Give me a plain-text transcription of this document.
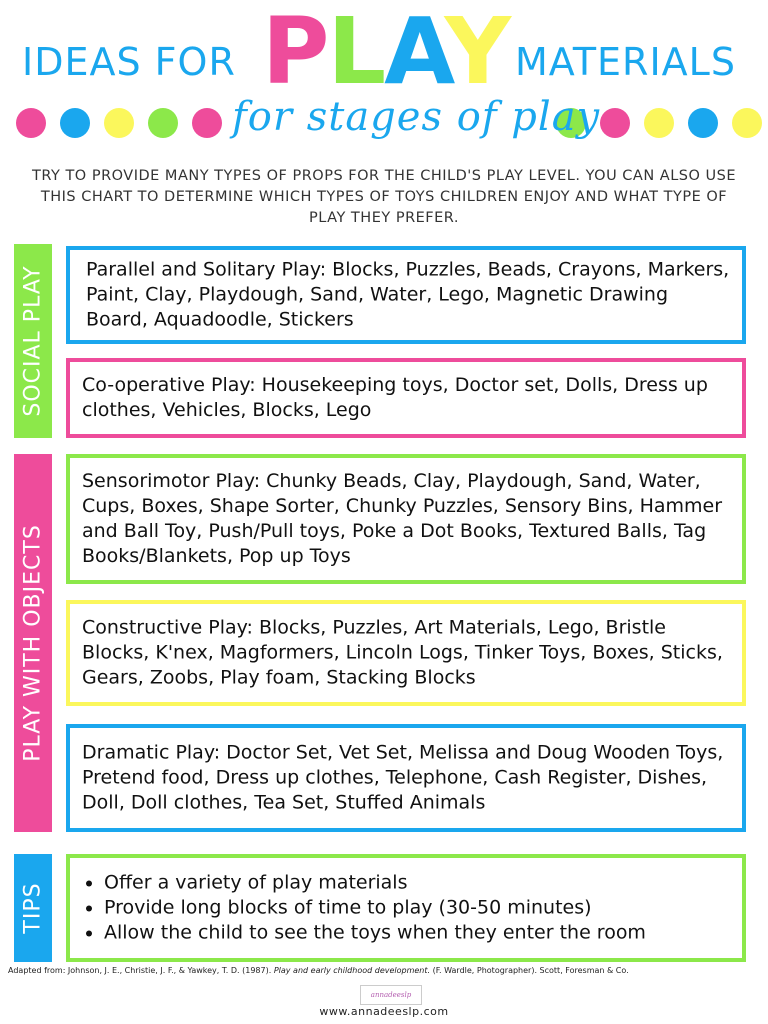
IDEAS FOR PLAY MATERIALS
for stages of play
TRY TO PROVIDE MANY TYPES OF PROPS FOR THE CHILD'S PLAY LEVEL. YOU CAN ALSO USE THIS CHART TO DETERMINE WHICH TYPES OF TOYS CHILDREN ENJOY AND WHAT TYPE OF PLAY THEY PREFER.
SOCIAL PLAY
PLAY WITH OBJECTS
TIPS
Parallel and Solitary Play: Blocks, Puzzles, Beads, Crayons, Markers, Paint, Clay, Playdough, Sand, Water, Lego, Magnetic Drawing Board, Aquadoodle, Stickers
Co-operative Play: Housekeeping toys, Doctor set, Dolls, Dress up clothes, Vehicles, Blocks, Lego
Sensorimotor Play: Chunky Beads, Clay, Playdough, Sand, Water, Cups, Boxes, Shape Sorter, Chunky Puzzles, Sensory Bins, Hammer and Ball Toy, Push/Pull toys, Poke a Dot Books, Textured Balls, Tag Books/Blankets, Pop up Toys
Constructive Play: Blocks, Puzzles, Art Materials, Lego, Bristle Blocks, K'nex, Magformers, Lincoln Logs, Tinker Toys, Boxes, Sticks, Gears, Zoobs, Play foam, Stacking Blocks
Dramatic Play: Doctor Set, Vet Set, Melissa and Doug Wooden Toys, Pretend food, Dress up clothes, Telephone, Cash Register, Dishes, Doll, Doll clothes, Tea Set, Stuffed Animals
• Offer a variety of play materials
• Provide long blocks of time to play (30-50 minutes)
• Allow the child to see the toys when they enter the room
Adapted from: Johnson, J. E., Christie, J. F., & Yawkey, T. D. (1987). Play and early childhood development. (F. Wardle, Photographer). Scott, Foresman & Co.
annadeeslp
www.annadeeslp.com
